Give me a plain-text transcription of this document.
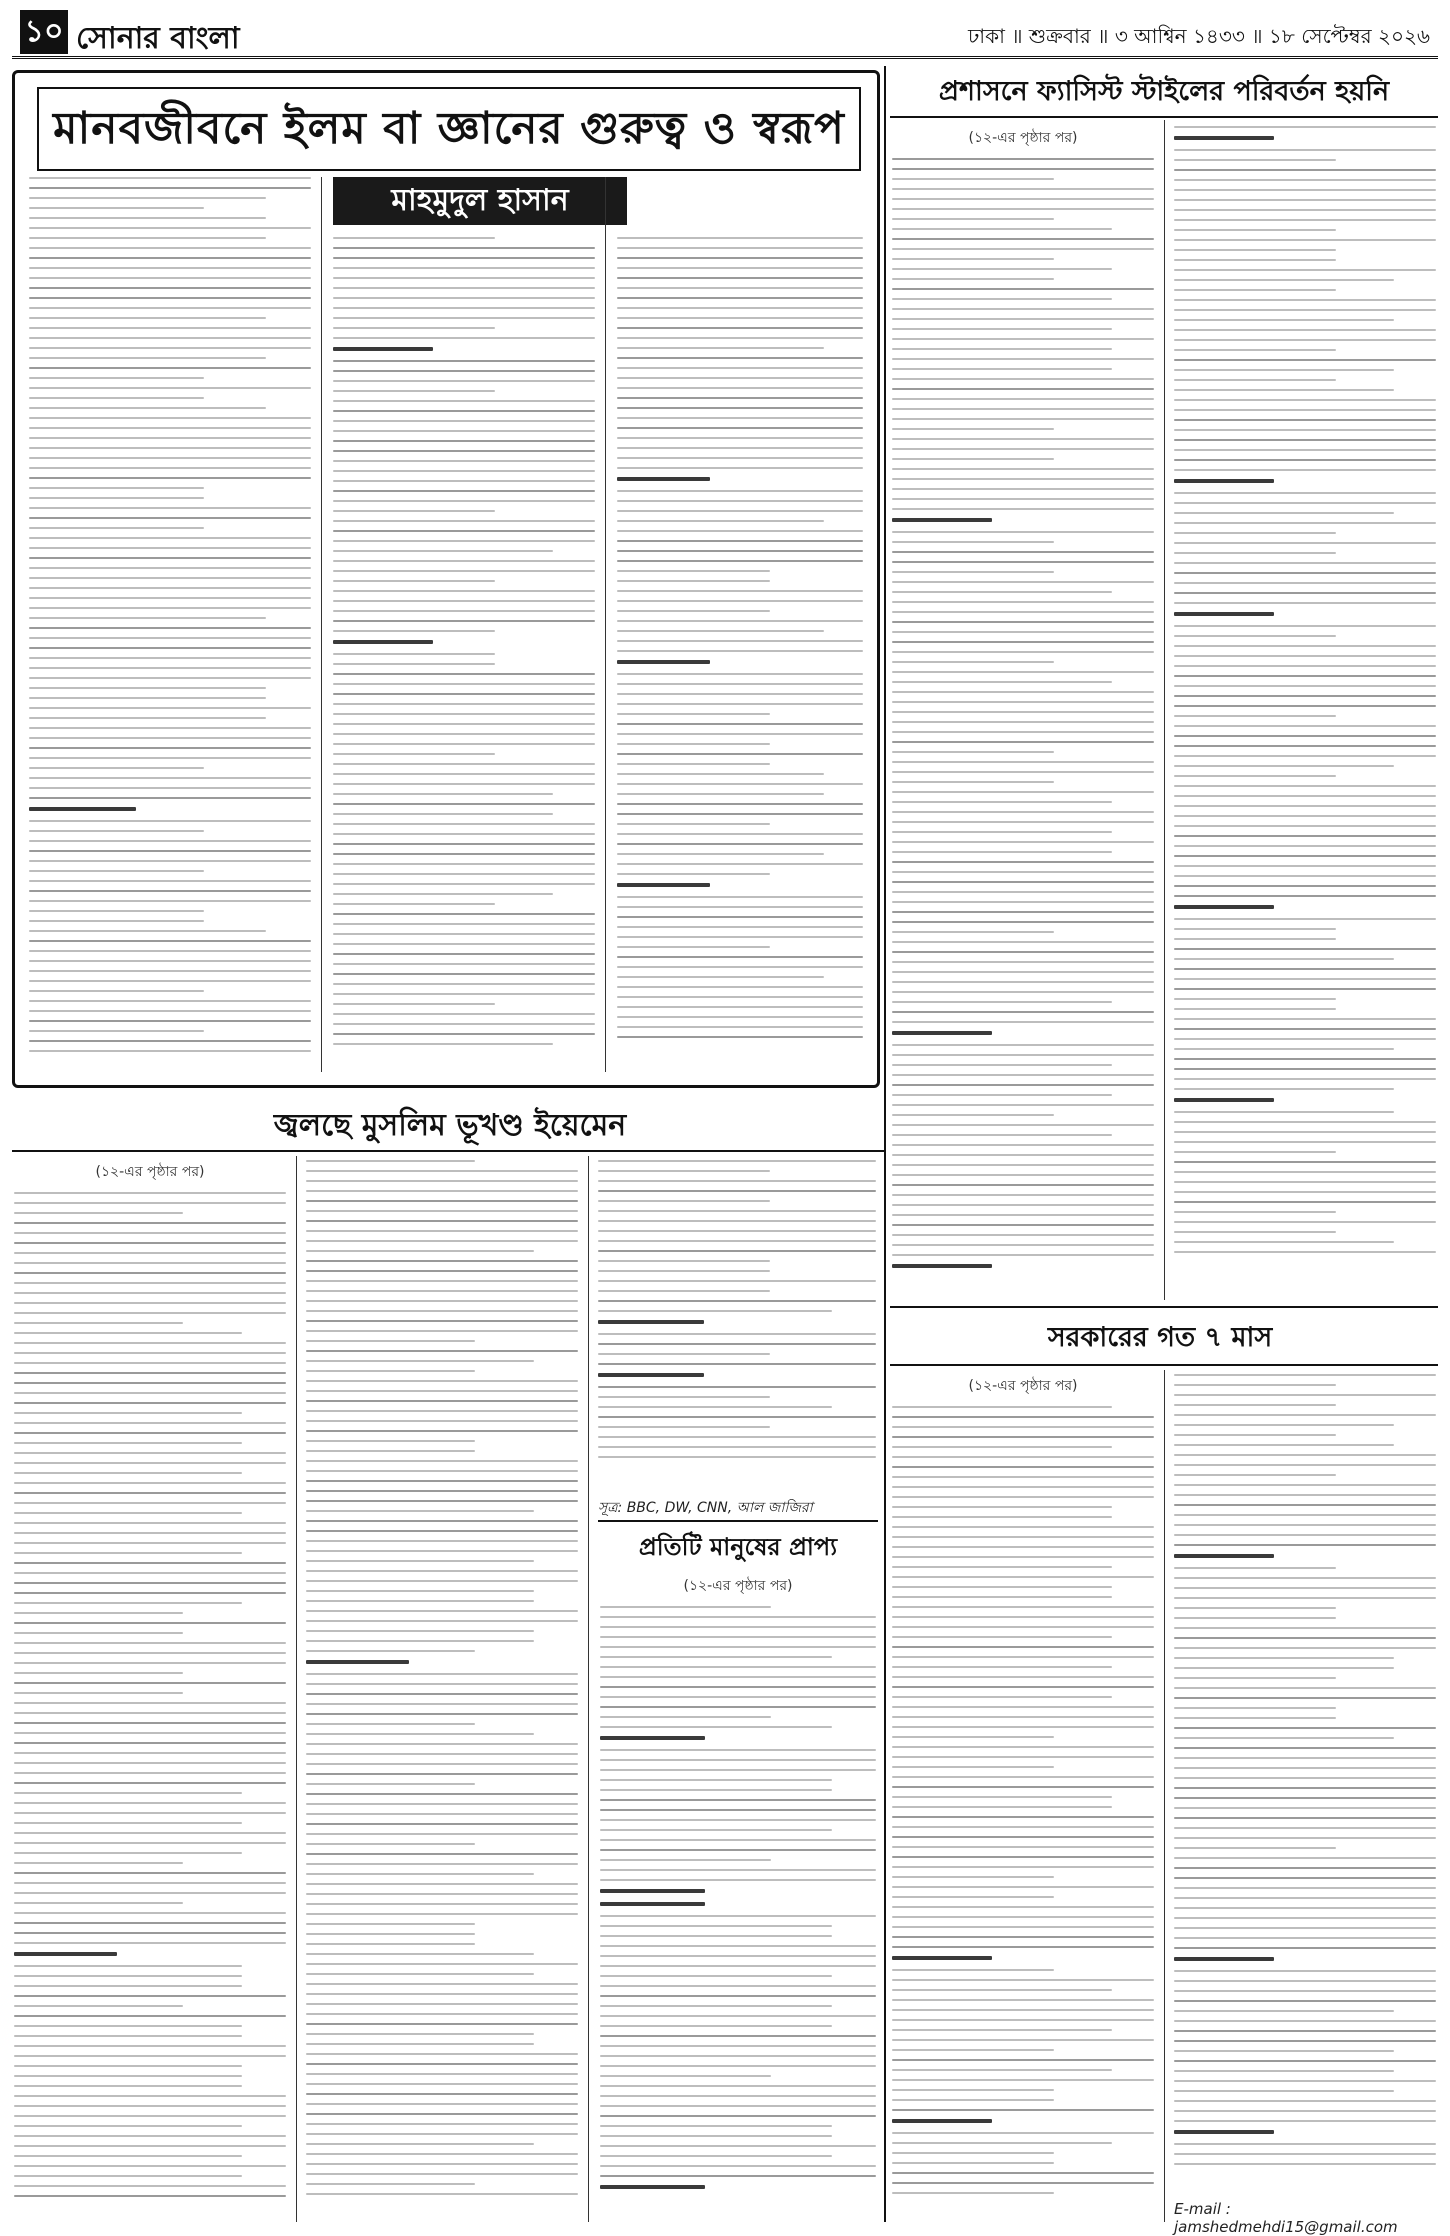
১০ সোনার বাংলা	ঢাকা ॥ শুক্রবার ॥ ৩ আশ্বিন ১৪৩৩ ॥ ১৮ সেপ্টেম্বর ২০২৬
মানবজীবনে ইলম বা জ্ঞানের গুরুত্ব ও স্বরূপ
মাহমুদুল হাসান
প্রশাসনে ফ্যাসিস্ট স্টাইলের পরিবর্তন হয়নি
(১২-এর পৃষ্ঠার পর)
জ্বলছে মুসলিম ভূখণ্ড ইয়েমেন
(১২-এর পৃষ্ঠার পর)
সূত্র: BBC, DW, CNN, আল জাজিরা
প্রতিটি মানুষের প্রাপ্য
(১২-এর পৃষ্ঠার পর)
সরকারের গত ৭ মাস
(১২-এর পৃষ্ঠার পর)
E-mail : jamshedmehdi15@gmail.com
